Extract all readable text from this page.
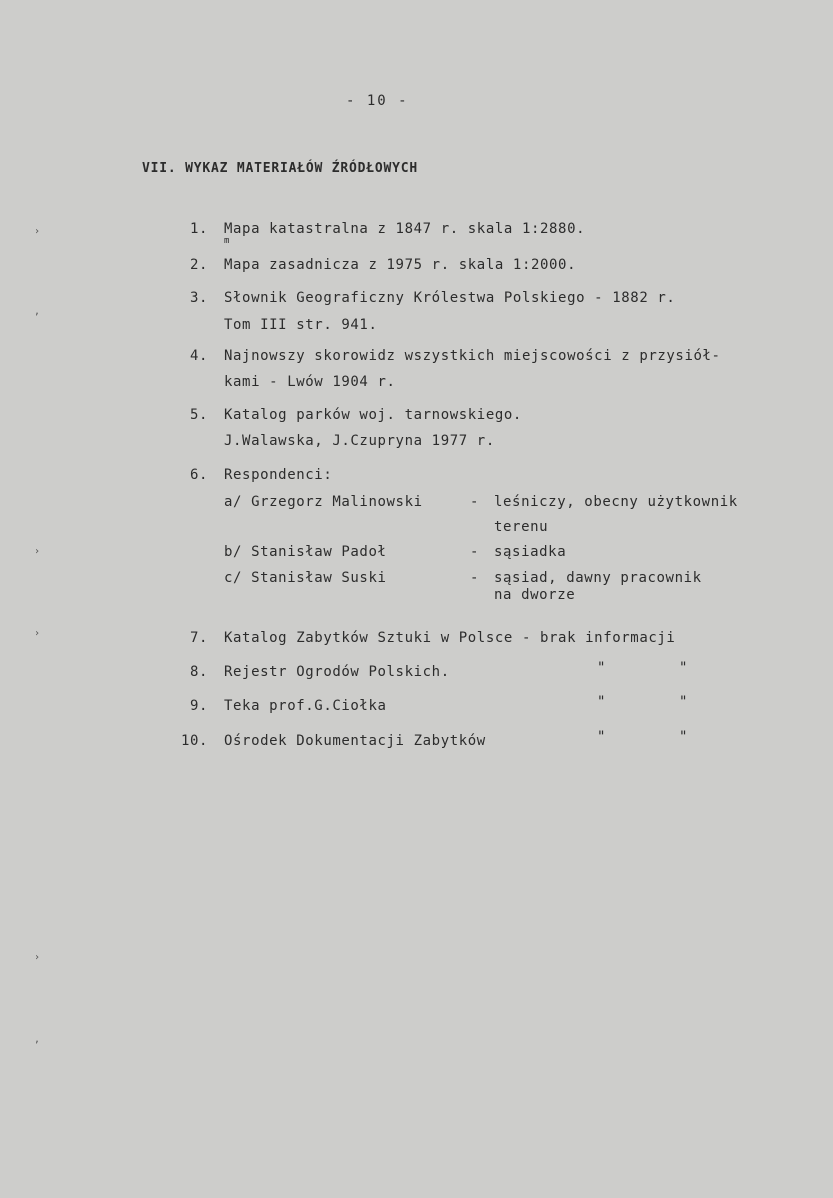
›
‚
›
›
›
‚
- 10 -
VII. WYKAZ MATERIAŁÓW ŹRÓDŁOWYCH
1. Mapa katastralna z 1847 r. skala 1:2880.
m
2. Mapa zasadnicza z 1975 r. skala 1:2000.
3. Słownik Geograficzny Królestwa Polskiego - 1882 r.
Tom III str. 941.
4. Najnowszy skorowidz wszystkich miejscowości z przysiół-
kami - Lwów 1904 r.
5. Katalog parków woj. tarnowskiego.
J.Walawska, J.Czupryna 1977 r.
6. Respondenci:
a/ Grzegorz Malinowski	- leśniczy, obecny użytkownik
terenu
b/ Stanisław Padoł	- sąsiadka
c/ Stanisław Suski	- sąsiad, dawny pracownik
na dworze
7. Katalog Zabytków Sztuki w Polsce - brak informacji
8. Rejestr Ogrodów Polskich.	"	"
9. Teka prof.G.Ciołka	"	"
10. Ośrodek Dokumentacji Zabytków	"	"
